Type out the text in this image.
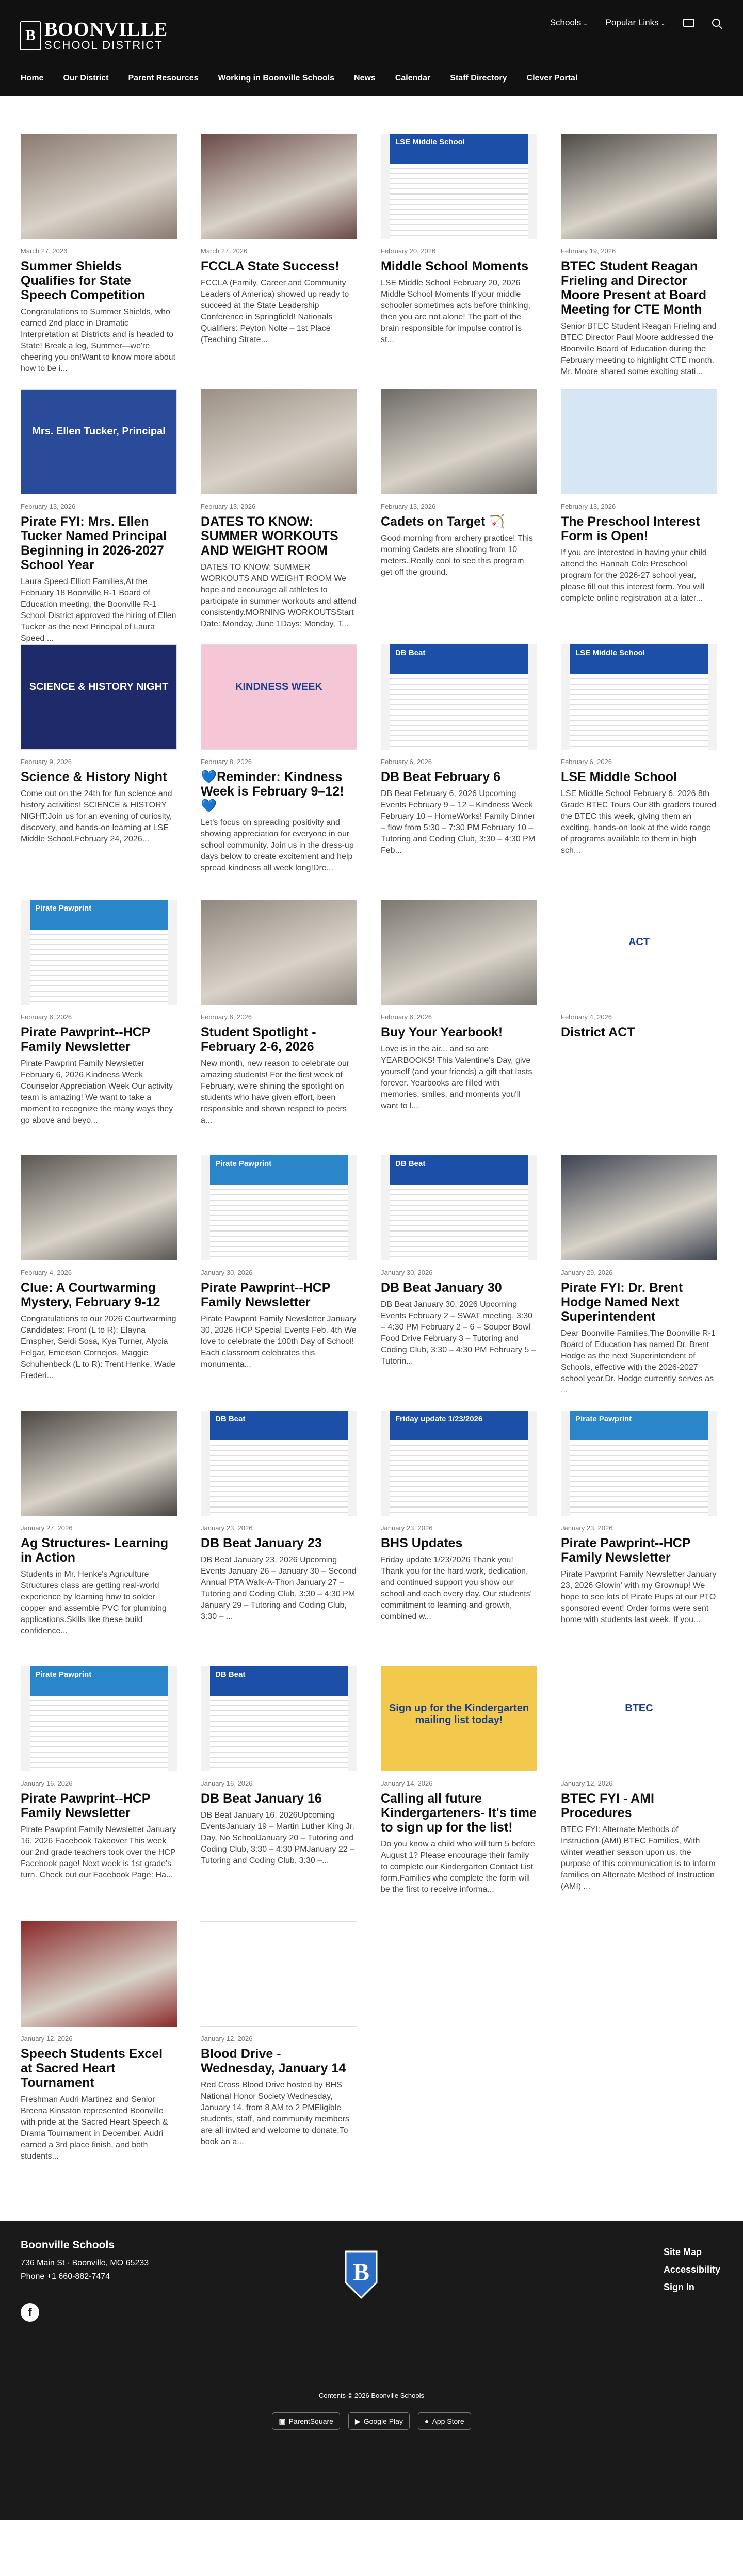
B BOONVILLE
SCHOOL DISTRICT
Schools ⌄	Popular Links ⌄
Home Our District Parent Resources Working in Boonville Schools News Calendar Staff Directory Clever Portal
March 27, 2026
Summer Shields Qualifies for State Speech Competition
Congratulations to Summer Shields, who earned 2nd place in Dramatic Interpretation at Districts and is headed to State! Break a leg, Summer—we're cheering you on!Want to know more about how to be i...
March 27, 2026
FCCLA State Success!
FCCLA (Family, Career and Community Leaders of America) showed up ready to succeed at the State Leadership Conference in Springfield! Nationals Qualifiers: Peyton Nolte – 1st Place (Teaching Strate...
LSE Middle School
February 20, 2026
Middle School Moments
LSE Middle School February 20, 2026 Middle School Moments If your middle schooler sometimes acts before thinking, then you are not alone! The part of the brain responsible for impulse control is st...
February 19, 2026
BTEC Student Reagan Frieling and Director Moore Present at Board Meeting for CTE Month
Senior BTEC Student Reagan Frieling and BTEC Director Paul Moore addressed the Boonville Board of Education during the February meeting to highlight CTE month. Mr. Moore shared some exciting stati...
Mrs. Ellen Tucker, Principal
February 13, 2026
Pirate FYI: Mrs. Ellen Tucker Named Principal Beginning in 2026-2027 School Year
Laura Speed Elliott Families,At the February 18 Boonville R-1 Board of Education meeting, the Boonville R-1 School District approved the hiring of Ellen Tucker as the next Principal of Laura Speed ...
February 13, 2026
DATES TO KNOW: SUMMER WORKOUTS AND WEIGHT ROOM
DATES TO KNOW: SUMMER WORKOUTS AND WEIGHT ROOM We hope and encourage all athletes to participate in summer workouts and attend consistently.MORNING WORKOUTSStart Date: Monday, June 1Days: Monday, T...
February 13, 2026
Cadets on Target 🏹
Good morning from archery practice! This morning Cadets are shooting from 10 meters. Really cool to see this program get off the ground.
February 13, 2026
The Preschool Interest Form is Open!
If you are interested in having your child attend the Hannah Cole Preschool program for the 2026-27 school year, please fill out this interest form. You will complete online registration at a later...
SCIENCE & HISTORY NIGHT
February 9, 2026
Science & History Night
Come out on the 24th for fun science and history activities! SCIENCE & HISTORY NIGHT:Join us for an evening of curiosity, discovery, and hands-on learning at LSE Middle School.February 24, 2026...
KINDNESS WEEK
February 8, 2026
💙Reminder: Kindness Week is February 9–12! 💙
Let's focus on spreading positivity and showing appreciation for everyone in our school community. Join us in the dress-up days below to create excitement and help spread kindness all week long!Dre...
DB Beat
February 6, 2026
DB Beat February 6
DB Beat February 6, 2026 Upcoming Events February 9 – 12 – Kindness Week February 10 – HomeWorks! Family Dinner – flow from 5:30 – 7:30 PM February 10 – Tutoring and Coding Club, 3:30 – 4:30 PM Feb...
LSE Middle School
February 6, 2026
LSE Middle School
LSE Middle School February 6, 2026 8th Grade BTEC Tours Our 8th graders toured the BTEC this week, giving them an exciting, hands-on look at the wide range of programs available to them in high sch...
Pirate Pawprint
February 6, 2026
Pirate Pawprint--HCP Family Newsletter
Pirate Pawprint Family Newsletter February 6, 2026 Kindness Week Counselor Appreciation Week Our activity team is amazing! We want to take a moment to recognize the many ways they go above and beyo...
February 6, 2026
Student Spotlight - February 2-6, 2026
New month, new reason to celebrate our amazing students! For the first week of February, we're shining the spotlight on students who have given effort, been responsible and shown respect to peers a...
February 6, 2026
Buy Your Yearbook!
Love is in the air... and so are YEARBOOKS! This Valentine's Day, give yourself (and your friends) a gift that lasts forever. Yearbooks are filled with memories, smiles, and moments you'll want to l...
ACT
February 4, 2026
District ACT
February 4, 2026
Clue: A Courtwarming Mystery, February 9-12
Congratulations to our 2026 Courtwarming Candidates: Front (L to R): Elayna Emspher, Seidi Sosa, Kya Turner, Alycia Felgar, Emerson Cornejos, Maggie Schuhenbeck (L to R): Trent Henke, Wade Frederi...
Pirate Pawprint
January 30, 2026
Pirate Pawprint--HCP Family Newsletter
Pirate Pawprint Family Newsletter January 30, 2026 HCP Special Events Feb. 4th We love to celebrate the 100th Day of School! Each classroom celebrates this monumenta...
DB Beat
January 30, 2026
DB Beat January 30
DB Beat January 30, 2026 Upcoming Events February 2 – SWAT meeting, 3:30 – 4:30 PM February 2 – 6 – Souper Bowl Food Drive February 3 – Tutoring and Coding Club, 3:30 – 4:30 PM February 5 – Tutorin...
January 29, 2026
Pirate FYI: Dr. Brent Hodge Named Next Superintendent
Dear Boonville Families,The Boonville R-1 Board of Education has named Dr. Brent Hodge as the next Superintendent of Schools, effective with the 2026-2027 school year.Dr. Hodge currently serves as ...
January 27, 2026
Ag Structures- Learning in Action
Students in Mr. Henke's Agriculture Structures class are getting real-world experience by learning how to solder copper and assemble PVC for plumbing applications.Skills like these build confidence...
DB Beat
January 23, 2026
DB Beat January 23
DB Beat January 23, 2026 Upcoming Events January 26 – January 30 – Second Annual PTA Walk-A-Thon January 27 – Tutoring and Coding Club, 3:30 – 4:30 PM January 29 – Tutoring and Coding Club, 3:30 – ...
Friday update 1/23/2026
January 23, 2026
BHS Updates
Friday update 1/23/2026 Thank you! Thank you for the hard work, dedication, and continued support you show our school and each every day. Our students' commitment to learning and growth, combined w...
Pirate Pawprint
January 23, 2026
Pirate Pawprint--HCP Family Newsletter
Pirate Pawprint Family Newsletter January 23, 2026 Glowin' with my Grownup! We hope to see lots of Pirate Pups at our PTO sponsored event! Order forms were sent home with students last week. If you...
Pirate Pawprint
January 16, 2026
Pirate Pawprint--HCP Family Newsletter
Pirate Pawprint Family Newsletter January 16, 2026 Facebook Takeover This week our 2nd grade teachers took over the HCP Facebook page! Next week is 1st grade's turn. Check out our Facebook Page: Ha...
DB Beat
January 16, 2026
DB Beat January 16
DB Beat January 16, 2026Upcoming EventsJanuary 19 – Martin Luther King Jr. Day, No SchoolJanuary 20 – Tutoring and Coding Club, 3:30 – 4:30 PMJanuary 22 – Tutoring and Coding Club, 3:30 –...
Sign up for the Kindergarten mailing list today!
January 14, 2026
Calling all future Kindergarteners- It's time to sign up for the list!
Do you know a child who will turn 5 before August 1? Please encourage their family to complete our Kindergarten Contact List form.Families who complete the form will be the first to receive informa...
BTEC
January 12, 2026
BTEC FYI - AMI Procedures
BTEC FYI: Alternate Methods of Instruction (AMI) BTEC Families, With winter weather season upon us, the purpose of this communication is to inform families on Alternate Method of Instruction (AMI) ...
January 12, 2026
Speech Students Excel at Sacred Heart Tournament
Freshman Audri Martinez and Senior Breena Kinsston represented Boonville with pride at the Sacred Heart Speech & Drama Tournament in December. Audri earned a 3rd place finish, and both students...
January 12, 2026
Blood Drive - Wednesday, January 14
Red Cross Blood Drive hosted by BHS National Honor Society Wednesday, January 14, from 8 AM to 2 PMEligible students, staff, and community members are all invited and welcome to donate.To book an a...
Boonville Schools
736 Main St · Boonville, MO 65233
Phone +1 660-882-7474
f
B
Site Map
Accessibility
Sign In
Contents © 2026 Boonville Schools
▣ ParentSquare	▶ Google Play	● App Store
